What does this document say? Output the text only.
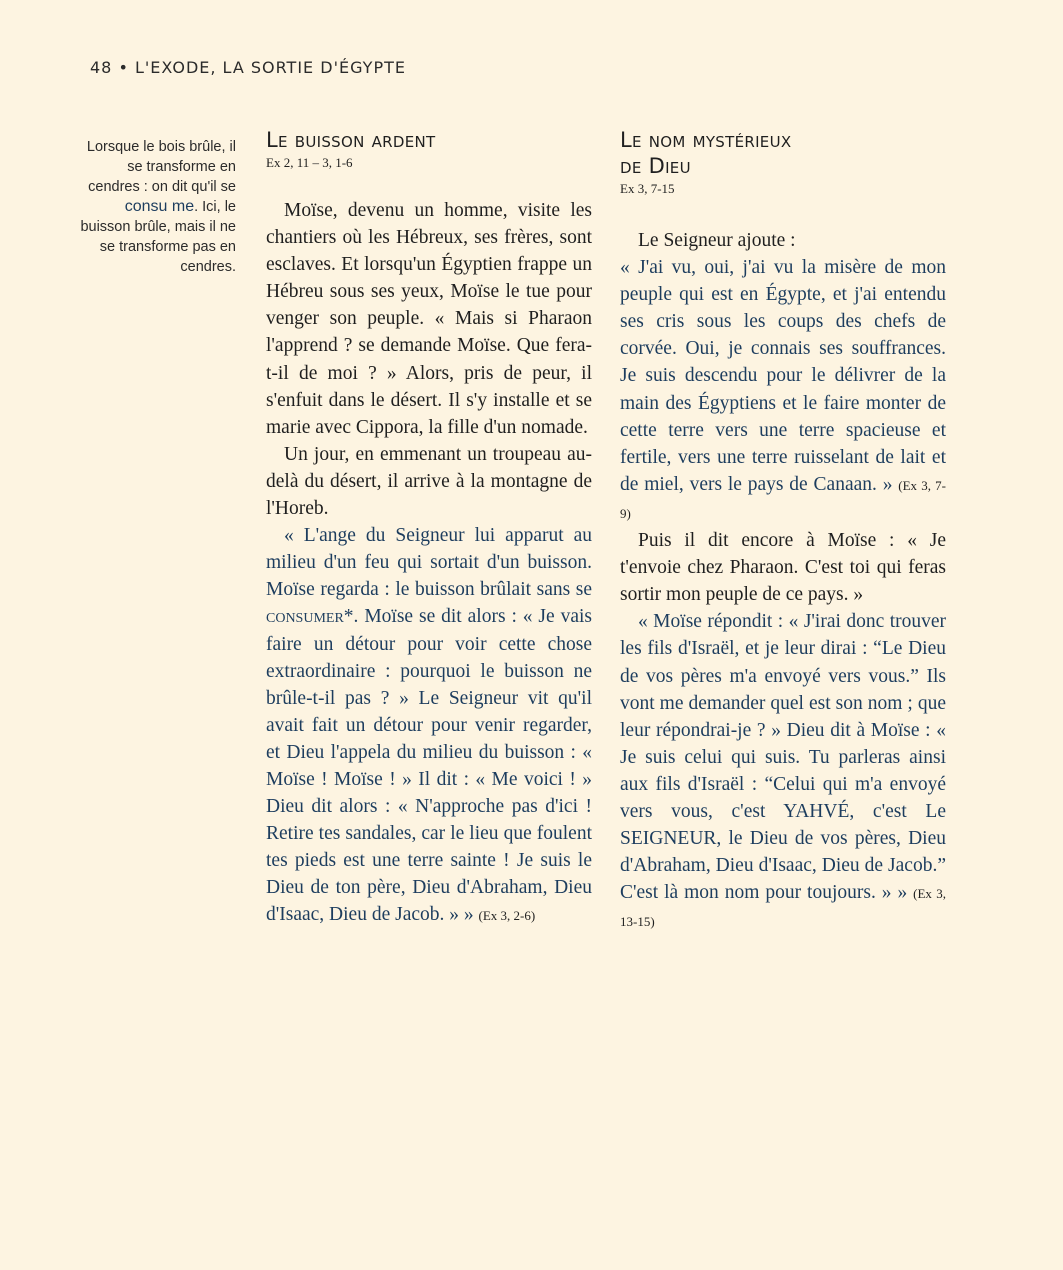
48 • L'EXODE, LA SORTIE D'ÉGYPTE
Lorsque le bois brûle, il se transforme en cendres : on dit qu'il se consu me. Ici, le buisson brûle, mais il ne se transforme pas en cendres.
Le buisson ardent
Ex 2, 11 – 3, 1-6

Moïse, devenu un homme, visite les chantiers où les Hébreux, ses frères, sont esclaves. Et lorsqu'un Égyptien frappe un Hébreu sous ses yeux, Moïse le tue pour venger son peuple. « Mais si Pharaon l'apprend ? se demande Moïse. Que fera-t-il de moi ? » Alors, pris de peur, il s'enfuit dans le désert. Il s'y installe et se marie avec Cippora, la fille d'un nomade.

Un jour, en emmenant un troupeau au-delà du désert, il arrive à la montagne de l'Horeb.

« L'ange du Seigneur lui apparut au milieu d'un feu qui sortait d'un buisson. Moïse regarda : le buisson brûlait sans se consumer*. Moïse se dit alors : « Je vais faire un détour pour voir cette chose extraordinaire : pourquoi le buisson ne brûle-t-il pas ? » Le Seigneur vit qu'il avait fait un détour pour venir regarder, et Dieu l'appela du milieu du buisson : « Moïse ! Moïse ! » Il dit : « Me voici ! » Dieu dit alors : « N'approche pas d'ici ! Retire tes sandales, car le lieu que foulent tes pieds est une terre sainte ! Je suis le Dieu de ton père, Dieu d'Abraham, Dieu d'Isaac, Dieu de Jacob. » » (Ex 3, 2-6)

Le nom mystérieux
de Dieu
Ex 3, 7-15

Le Seigneur ajoute :

« J'ai vu, oui, j'ai vu la misère de mon peuple qui est en Égypte, et j'ai entendu ses cris sous les coups des chefs de corvée. Oui, je connais ses souffrances. Je suis descendu pour le délivrer de la main des Égyptiens et le faire monter de cette terre vers une terre spacieuse et fertile, vers une terre ruisselant de lait et de miel, vers le pays de Canaan. » (Ex 3, 7-9)

Puis il dit encore à Moïse : « Je t'envoie chez Pharaon. C'est toi qui feras sortir mon peuple de ce pays. »

« Moïse répondit : « J'irai donc trouver les fils d'Israël, et je leur dirai : “Le Dieu de vos pères m'a envoyé vers vous.” Ils vont me demander quel est son nom ; que leur répondrai-je ? » Dieu dit à Moïse : « Je suis celui qui suis. Tu parleras ainsi aux fils d'Israël : “Celui qui m'a envoyé vers vous, c'est YAHVÉ, c'est Le SEIGNEUR, le Dieu de vos pères, Dieu d'Abraham, Dieu d'Isaac, Dieu de Jacob.” C'est là mon nom pour toujours. » » (Ex 3, 13-15)
